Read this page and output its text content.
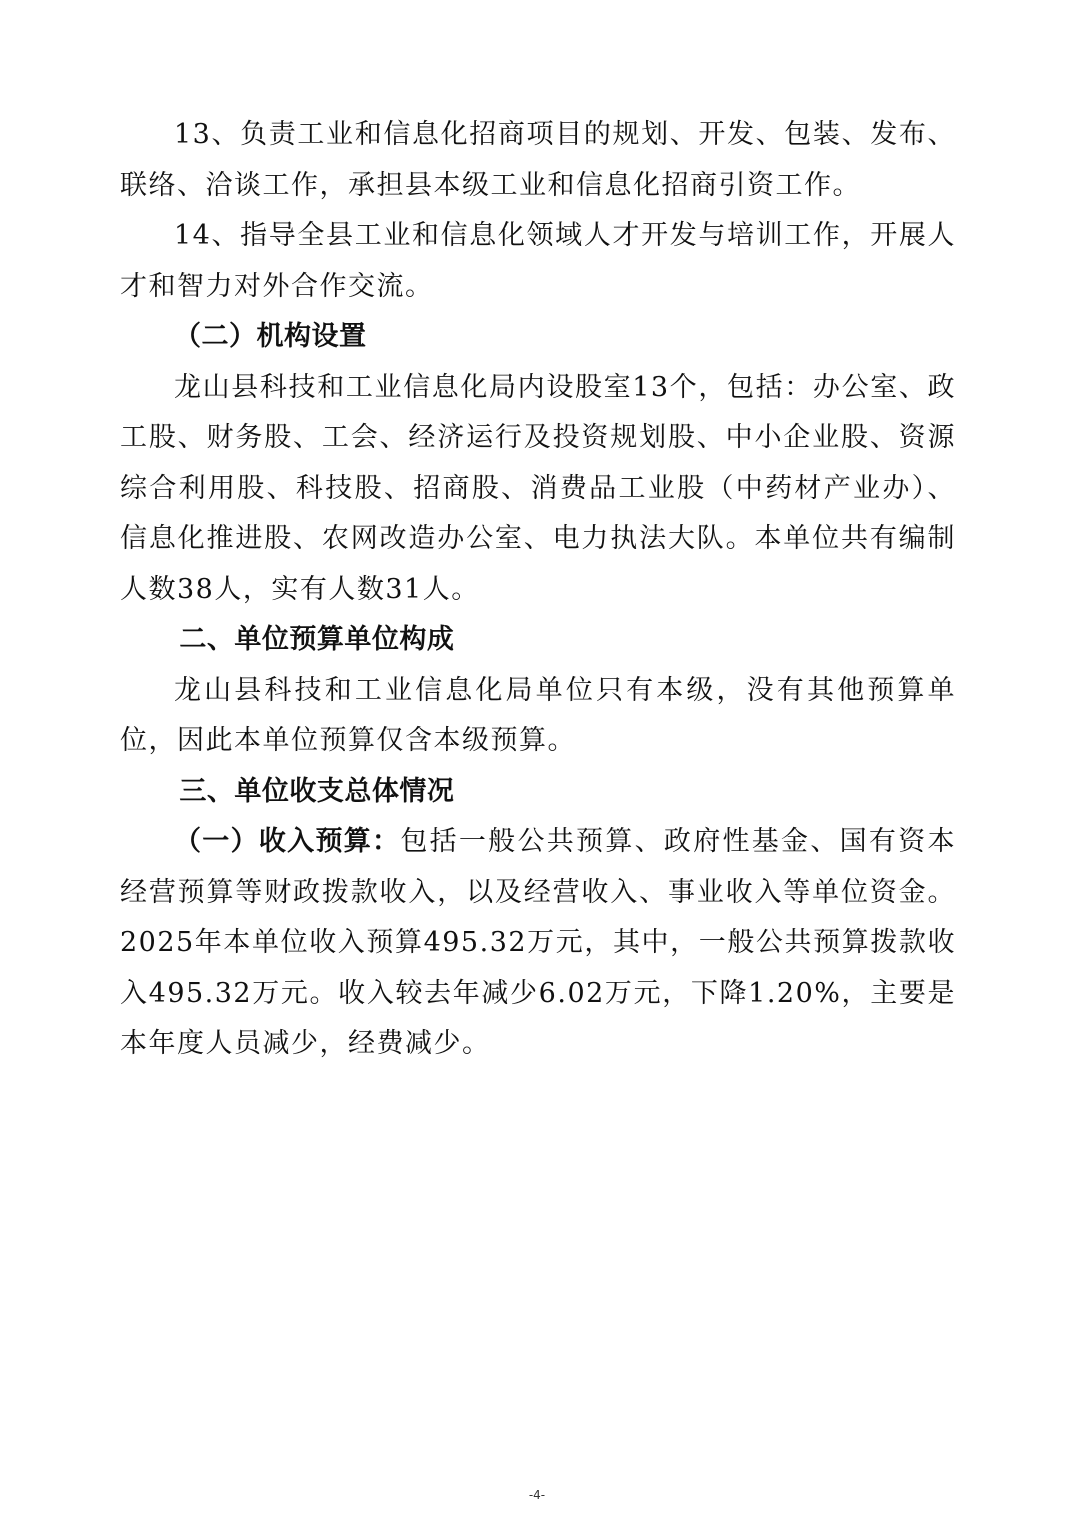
13、负责工业和信息化招商项目的规划、开发、包装、发布、联络、洽谈工作，承担县本级工业和信息化招商引资工作。

14、指导全县工业和信息化领域人才开发与培训工作，开展人才和智力对外合作交流。

（二）机构设置

龙山县科技和工业信息化局内设股室13个，包括：办公室、政工股、财务股、工会、经济运行及投资规划股、中小企业股、资源综合利用股、科技股、招商股、消费品工业股（中药材产业办）、信息化推进股、农网改造办公室、电力执法大队。本单位共有编制人数38人，实有人数31人。

二、单位预算单位构成

龙山县科技和工业信息化局单位只有本级，没有其他预算单位，因此本单位预算仅含本级预算。

三、单位收支总体情况

（一）收入预算：包括一般公共预算、政府性基金、国有资本经营预算等财政拨款收入，以及经营收入、事业收入等单位资金。2025年本单位收入预算495.32万元，其中，一般公共预算拨款收入495.32万元。收入较去年减少6.02万元，下降1.20%，主要是本年度人员减少，经费减少。

-4-
